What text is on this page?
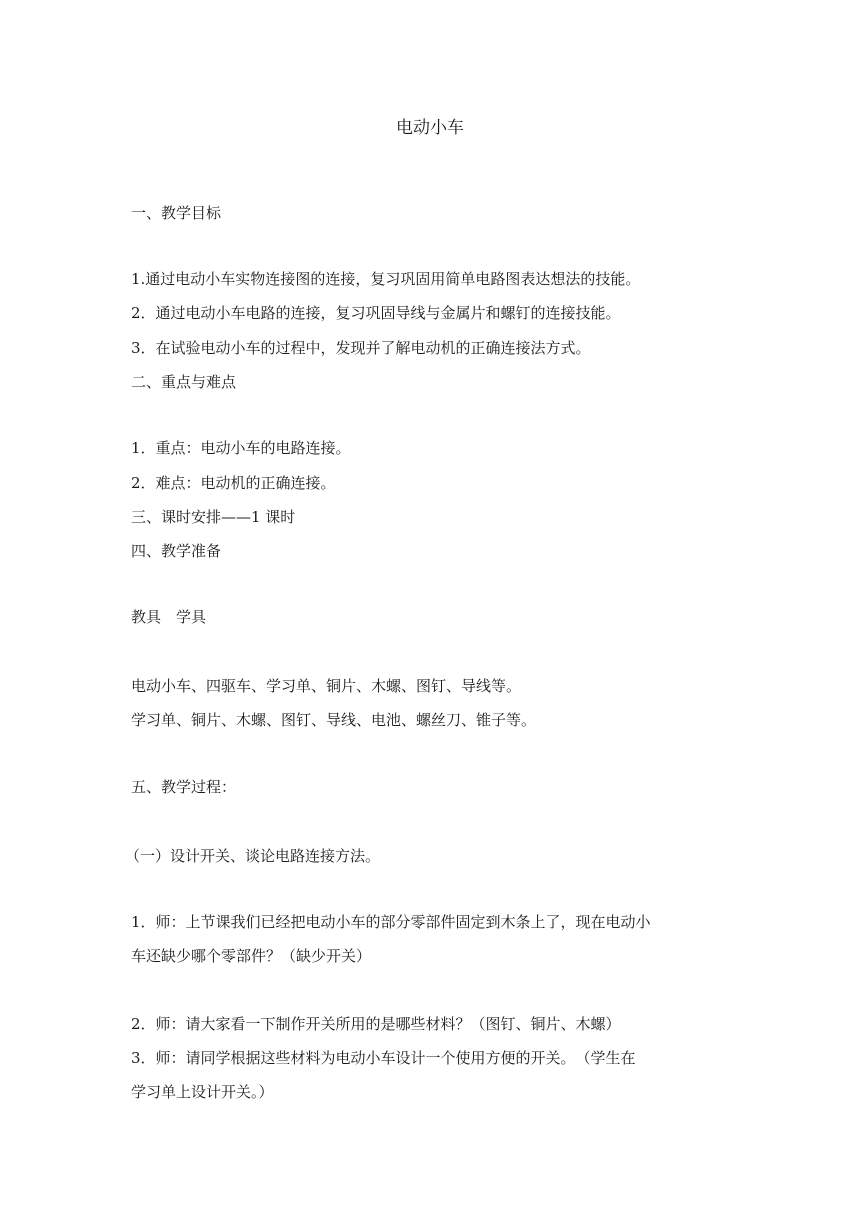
电动小车
一、教学目标
1.通过电动小车实物连接图的连接，复习巩固用简单电路图表达想法的技能。
2．通过电动小车电路的连接，复习巩固导线与金属片和螺钉的连接技能。
3．在试验电动小车的过程中，发现并了解电动机的正确连接法方式。
二、重点与难点
1．重点：电动小车的电路连接。
2．难点：电动机的正确连接。
三、课时安排——1 课时
四、教学准备
教具　学具
电动小车、四驱车、学习单、铜片、木螺、图钉、导线等。
学习单、铜片、木螺、图钉、导线、电池、螺丝刀、锥子等。
五、教学过程：
（一）设计开关、谈论电路连接方法。
1．师：上节课我们已经把电动小车的部分零部件固定到木条上了，现在电动小
车还缺少哪个零部件？（缺少开关）
2．师：请大家看一下制作开关所用的是哪些材料？（图钉、铜片、木螺）
3．师：请同学根据这些材料为电动小车设计一个使用方便的开关。　（学生在
学习单上设计开关。）
